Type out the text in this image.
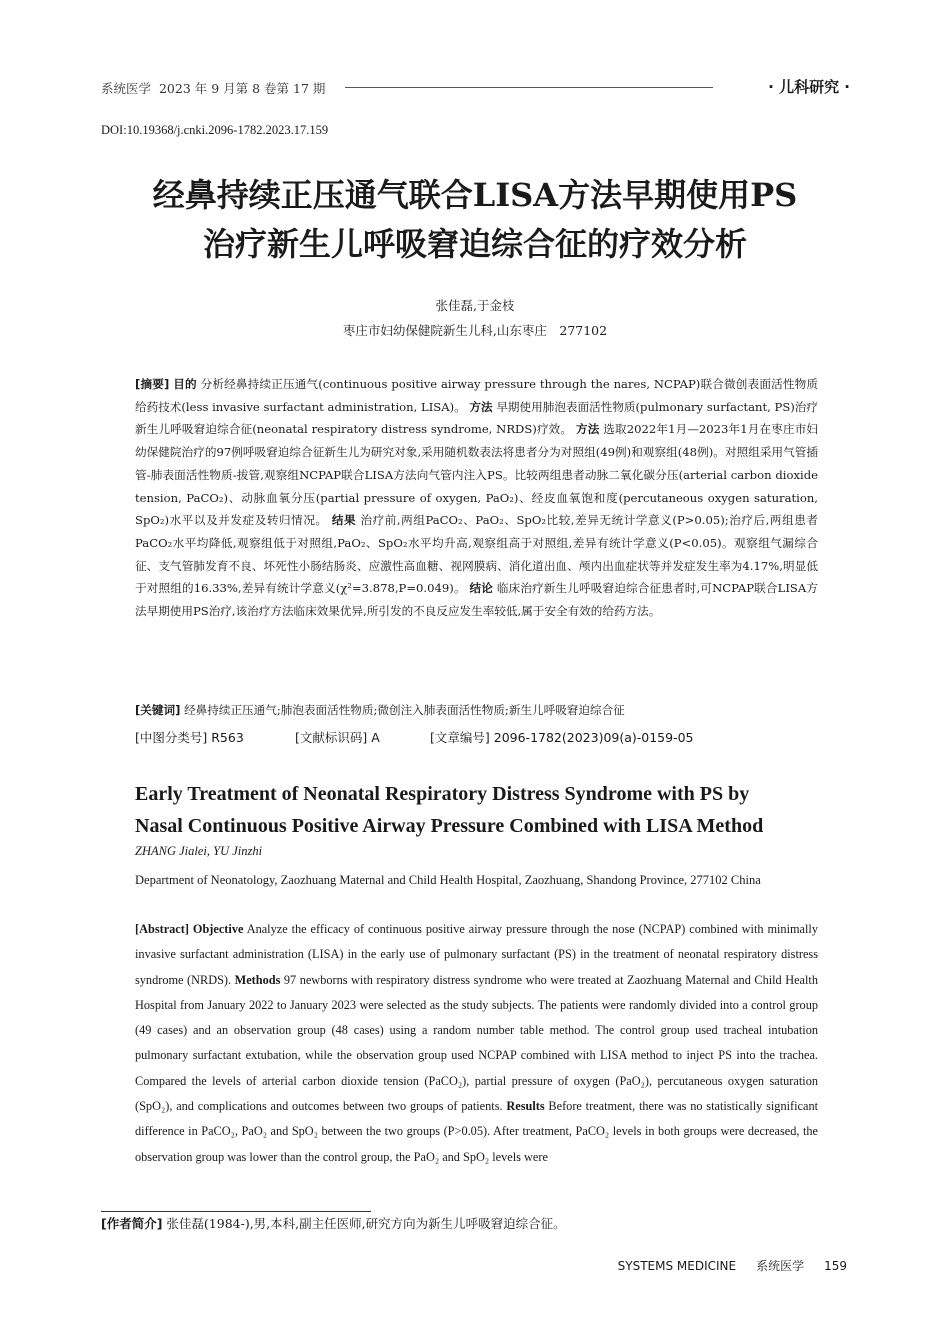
系统医学 2023 年 9 月第 8 卷第 17 期	· 儿科研究 ·
DOI:10.19368/j.cnki.2096-1782.2023.17.159
经鼻持续正压通气联合LISA方法早期使用PS
治疗新生儿呼吸窘迫综合征的疗效分析
张佳磊,于金枝
枣庄市妇幼保健院新生儿科,山东枣庄　277102
[摘要] 目的 分析经鼻持续正压通气(continuous positive airway pressure through the nares, NCPAP)联合微创表面活性物质给药技术(less invasive surfactant administration, LISA)。 方法 早期使用肺泡表面活性物质(pulmonary surfactant, PS)治疗新生儿呼吸窘迫综合征(neonatal respiratory distress syndrome, NRDS)疗效。 方法 选取2022年1月—2023年1月在枣庄市妇幼保健院治疗的97例呼吸窘迫综合征新生儿为研究对象,采用随机数表法将患者分为对照组(49例)和观察组(48例)。对照组采用气管插管-肺表面活性物质-拔管,观察组NCPAP联合LISA方法向气管内注入PS。比较两组患者动脉二氧化碳分压(arterial carbon dioxide tension, PaCO₂)、动脉血氧分压(partial pressure of oxygen, PaO₂)、经皮血氧饱和度(percutaneous oxygen saturation, SpO₂)水平以及并发症及转归情况。 结果 治疗前,两组PaCO₂、PaO₂、SpO₂比较,差异无统计学意义(P>0.05);治疗后,两组患者PaCO₂水平均降低,观察组低于对照组,PaO₂、SpO₂水平均升高,观察组高于对照组,差异有统计学意义(P<0.05)。观察组气漏综合征、支气管肺发育不良、坏死性小肠结肠炎、应激性高血糖、视网膜病、消化道出血、颅内出血症状等并发症发生率为4.17%,明显低于对照组的16.33%,差异有统计学意义(χ²=3.878,P=0.049)。 结论 临床治疗新生儿呼吸窘迫综合征患者时,可NCPAP联合LISA方法早期使用PS治疗,该治疗方法临床效果优异,所引发的不良反应发生率较低,属于安全有效的给药方法。
[关键词] 经鼻持续正压通气;肺泡表面活性物质;微创注入肺表面活性物质;新生儿呼吸窘迫综合征
[中图分类号] R563	[文献标识码] A	[文章编号] 2096-1782(2023)09(a)-0159-05
Early Treatment of Neonatal Respiratory Distress Syndrome with PS by
Nasal Continuous Positive Airway Pressure Combined with LISA Method
ZHANG Jialei, YU Jinzhi
Department of Neonatology, Zaozhuang Maternal and Child Health Hospital, Zaozhuang, Shandong Province, 277102 China
[Abstract] Objective Analyze the efficacy of continuous positive airway pressure through the nose (NCPAP) combined with minimally invasive surfactant administration (LISA) in the early use of pulmonary surfactant (PS) in the treatment of neonatal respiratory distress syndrome (NRDS). Methods 97 newborns with respiratory distress syndrome who were treated at Zaozhuang Maternal and Child Health Hospital from January 2022 to January 2023 were selected as the study subjects. The patients were randomly divided into a control group (49 cases) and an observation group (48 cases) using a random number table method. The control group used tracheal intubation pulmonary surfactant extubation, while the observation group used NCPAP combined with LISA method to inject PS into the trachea. Compared the levels of arterial carbon dioxide tension (PaCO₂), partial pressure of oxygen (PaO₂), percutaneous oxygen saturation (SpO₂), and complications and outcomes between two groups of patients. Results Before treatment, there was no statistically significant difference in PaCO₂, PaO₂ and SpO₂ between the two groups (P>0.05). After treatment, PaCO₂ levels in both groups were decreased, the observation group was lower than the control group, the PaO₂ and SpO₂ levels were
[作者简介] 张佳磊(1984-),男,本科,副主任医师,研究方向为新生儿呼吸窘迫综合征。
SYSTEMS MEDICINE 系统医学 159
